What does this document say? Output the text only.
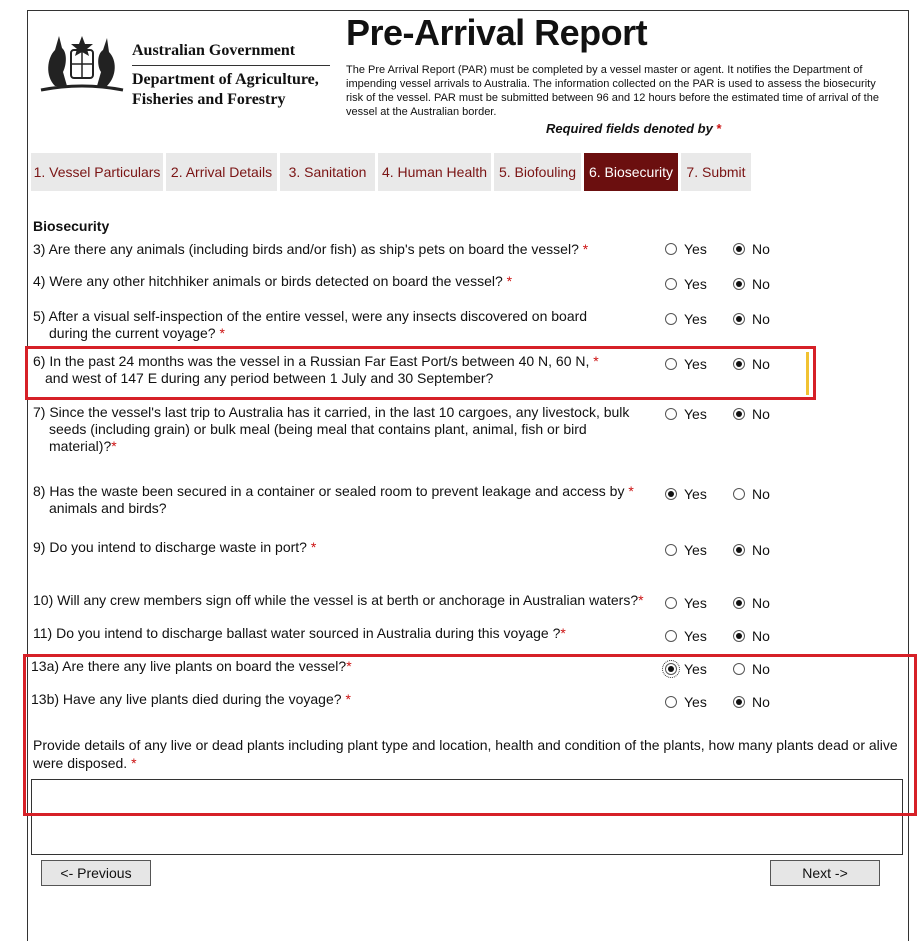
Australian Government
Department of Agriculture, Fisheries and Forestry
Pre-Arrival Report
The Pre Arrival Report (PAR) must be completed by a vessel master or agent. It notifies the Department of impending vessel arrivals to Australia. The information collected on the PAR is used to assess the biosecurity risk of the vessel. PAR must be submitted between 96 and 12 hours before the estimated time of arrival of the vessel at the Australian border.
Required fields denoted by *
1. Vessel Particulars 2. Arrival Details	3. Sanitation	4. Human Health 5. Biofouling 6. Biosecurity 7. Submit
Biosecurity
3) Are there any animals (including birds and/or fish) as ship's pets on board the vessel? *	Yes	No
4) Were any other hitchhiker animals or birds detected on board the vessel? *	Yes	No
5) After a visual self-inspection of the entire vessel, were any insects discovered on board
during the current voyage? *
Yes	No
6) In the past 24 months was the vessel in a Russian Far East Port/s between 40 N, 60 N, *
and west of 147 E during any period between 1 July and 30 September?
Yes	No
7) Since the vessel's last trip to Australia has it carried, in the last 10 cargoes, any livestock, bulk
seeds (including grain) or bulk meal (being meal that contains plant, animal, fish or bird
material)?*
Yes	No
8) Has the waste been secured in a container or sealed room to prevent leakage and access by *
animals and birds?
Yes	No
9) Do you intend to discharge waste in port? *	Yes	No
10) Will any crew members sign off while the vessel is at berth or anchorage in Australian waters?*	Yes	No
11) Do you intend to discharge ballast water sourced in Australia during this voyage ?*	Yes	No
13a) Are there any live plants on board the vessel?*	Yes	No
13b) Have any live plants died during the voyage? *	Yes	No
Provide details of any live or dead plants including plant type and location, health and condition of the plants, how many plants dead or alive were disposed. *
<- Previous	Next ->
